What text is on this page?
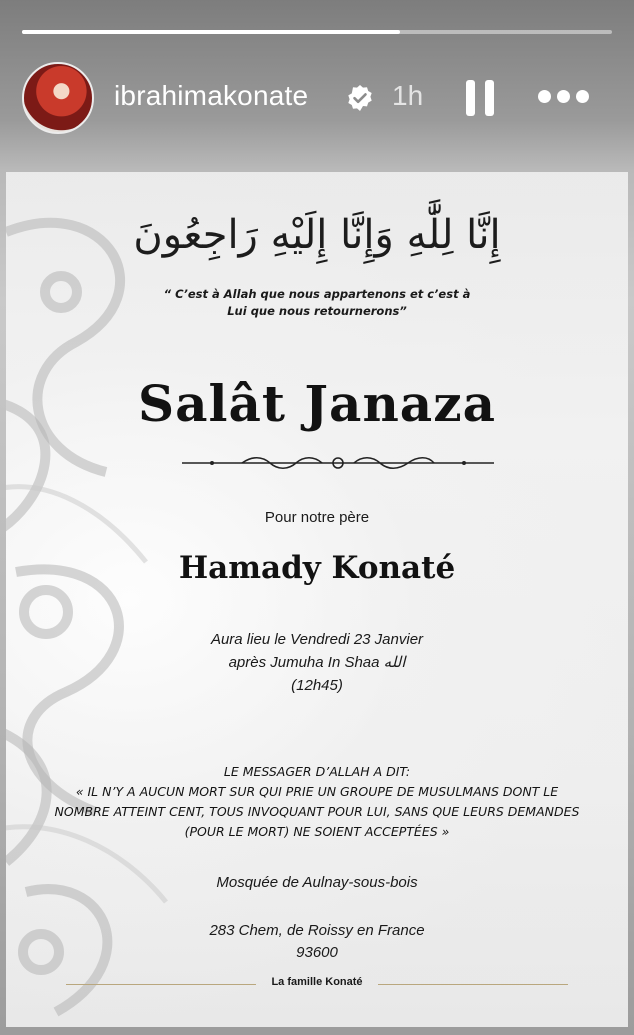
ibrahimakonate	1h
إِنَّا لِلَّٰهِ وَإِنَّا إِلَيْهِ رَاجِعُونَ
“ C’est à Allah que nous appartenons et c’est à
Lui que nous retournerons”
Salât Janaza
Pour notre père
Hamady Konaté
Aura lieu le Vendredi 23 Janvier
après Jumuha In Shaa الله
(12h45)
LE MESSAGER D’ALLAH A DIT:
« IL N’Y A AUCUN MORT SUR QUI PRIE UN GROUPE DE MUSULMANS DONT LE
NOMBRE ATTEINT CENT, TOUS INVOQUANT POUR LUI, SANS QUE LEURS DEMANDES
(POUR LE MORT) NE SOIENT ACCEPTÉES »
Mosquée de Aulnay-sous-bois
283 Chem, de Roissy en France
93600
La famille Konaté
